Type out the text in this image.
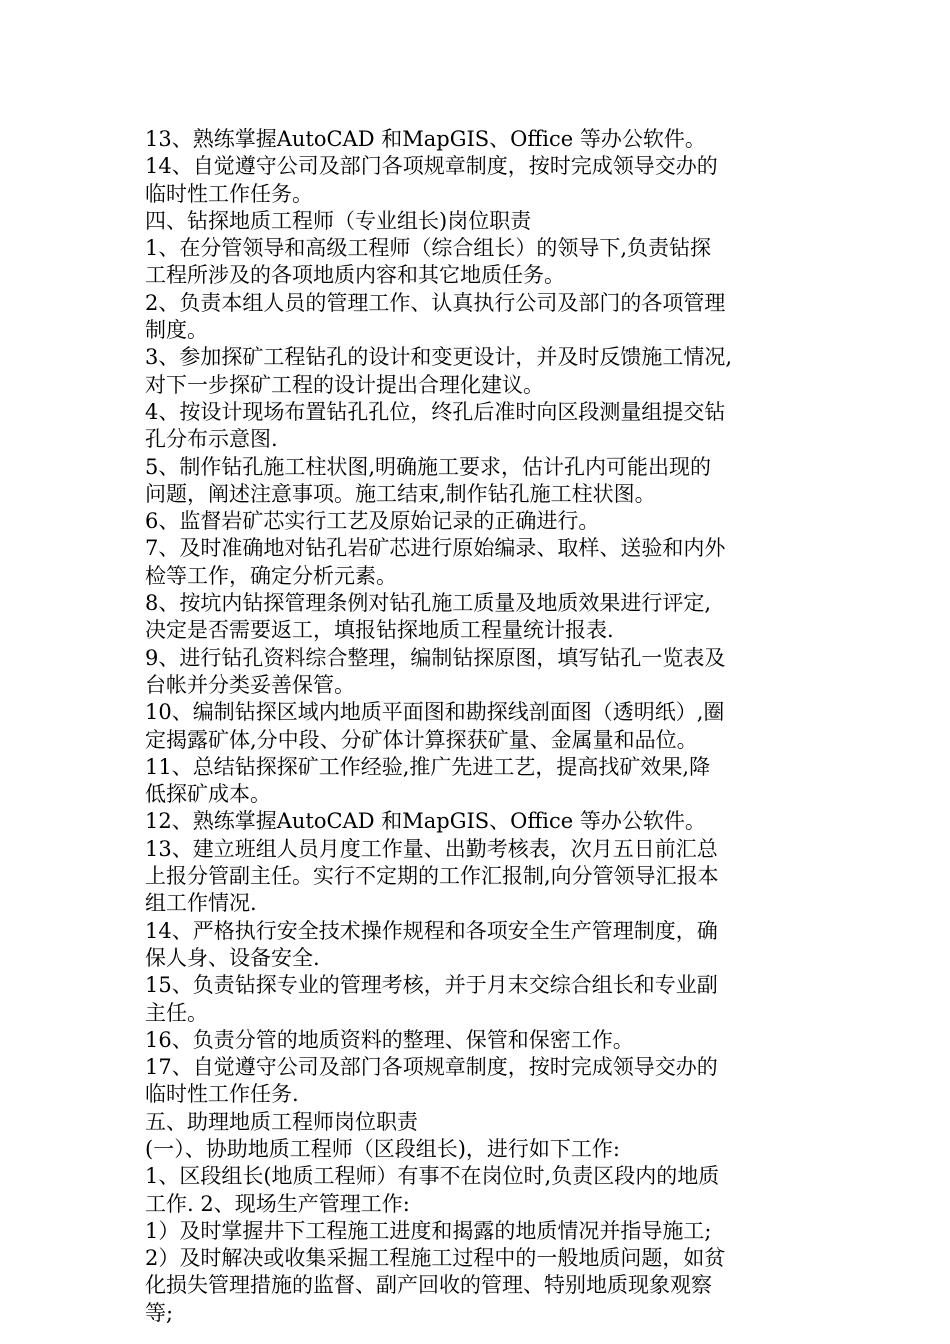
13、熟练掌握AutoCAD 和MapGIS、Office 等办公软件。
14、自觉遵守公司及部门各项规章制度，按时完成领导交办的
临时性工作任务。
四、钻探地质工程师（专业组长)岗位职责
1、在分管领导和高级工程师（综合组长）的领导下,负责钻探
工程所涉及的各项地质内容和其它地质任务。
2、负责本组人员的管理工作、认真执行公司及部门的各项管理
制度。
3、参加探矿工程钻孔的设计和变更设计，并及时反馈施工情况,
对下一步探矿工程的设计提出合理化建议。
4、按设计现场布置钻孔孔位，终孔后准时向区段测量组提交钻
孔分布示意图.
5、制作钻孔施工柱状图,明确施工要求，估计孔内可能出现的
问题，阐述注意事项。施工结束,制作钻孔施工柱状图。
6、监督岩矿芯实行工艺及原始记录的正确进行。
7、及时准确地对钻孔岩矿芯进行原始编录、取样、送验和内外
检等工作，确定分析元素。
8、按坑内钻探管理条例对钻孔施工质量及地质效果进行评定,
决定是否需要返工，填报钻探地质工程量统计报表.
9、进行钻孔资料综合整理，编制钻探原图，填写钻孔一览表及
台帐并分类妥善保管。
10、编制钻探区域内地质平面图和勘探线剖面图（透明纸）,圈
定揭露矿体,分中段、分矿体计算探获矿量、金属量和品位。
11、总结钻探探矿工作经验,推广先进工艺，提高找矿效果,降
低探矿成本。
12、熟练掌握AutoCAD 和MapGIS、Office 等办公软件。
13、建立班组人员月度工作量、出勤考核表，次月五日前汇总
上报分管副主任。实行不定期的工作汇报制,向分管领导汇报本
组工作情况.
14、严格执行安全技术操作规程和各项安全生产管理制度，确
保人身、设备安全.
15、负责钻探专业的管理考核，并于月末交综合组长和专业副
主任。
16、负责分管的地质资料的整理、保管和保密工作。
17、自觉遵守公司及部门各项规章制度，按时完成领导交办的
临时性工作任务.
五、助理地质工程师岗位职责
(一）、协助地质工程师（区段组长)，进行如下工作:
1、区段组长(地质工程师）有事不在岗位时,负责区段内的地质
工作. 2、现场生产管理工作:
1）及时掌握井下工程施工进度和揭露的地质情况并指导施工;
2）及时解决或收集采掘工程施工过程中的一般地质问题，如贫
化损失管理措施的监督、副产回收的管理、特别地质现象观察
等;
